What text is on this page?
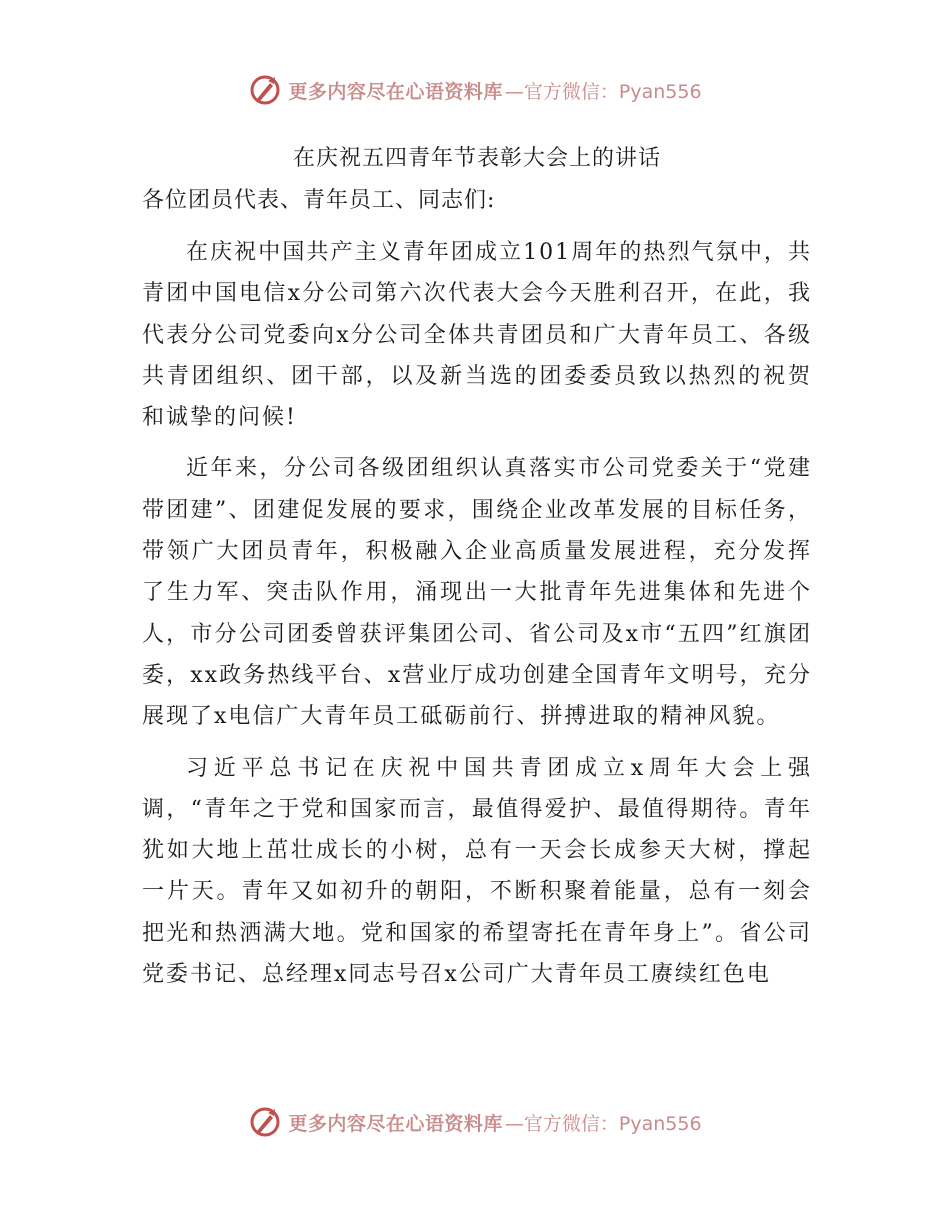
更多内容尽在心语资料库 —官方微信：Pyan556
在庆祝五四青年节表彰大会上的讲话

各位团员代表、青年员工、同志们:

在庆祝中国共产主义青年团成立101周年的热烈气氛中，共青团中国电信x分公司第六次代表大会今天胜利召开，在此，我代表分公司党委向x分公司全体共青团员和广大青年员工、各级共青团组织、团干部，以及新当选的团委委员致以热烈的祝贺和诚挚的问候!

近年来，分公司各级团组织认真落实市公司党委关于“党建带团建”、团建促发展的要求，围绕企业改革发展的目标任务，带领广大团员青年，积极融入企业高质量发展进程，充分发挥了生力军、突击队作用，涌现出一大批青年先进集体和先进个人，市分公司团委曾获评集团公司、省公司及x市“五四”红旗团委，xx政务热线平台、x营业厅成功创建全国青年文明号，充分展现了x电信广大青年员工砥砺前行、拼搏进取的精神风貌。

习近平总书记在庆祝中国共青团成立x周年大会上强调，“青年之于党和国家而言，最值得爱护、最值得期待。青年犹如大地上茁壮成长的小树，总有一天会长成参天大树，撑起一片天。青年又如初升的朝阳，不断积聚着能量，总有一刻会把光和热洒满大地。党和国家的希望寄托在青年身上”。省公司党委书记、总经理x同志号召x公司广大青年员工赓续红色电

更多内容尽在心语资料库 —官方微信：Pyan556
